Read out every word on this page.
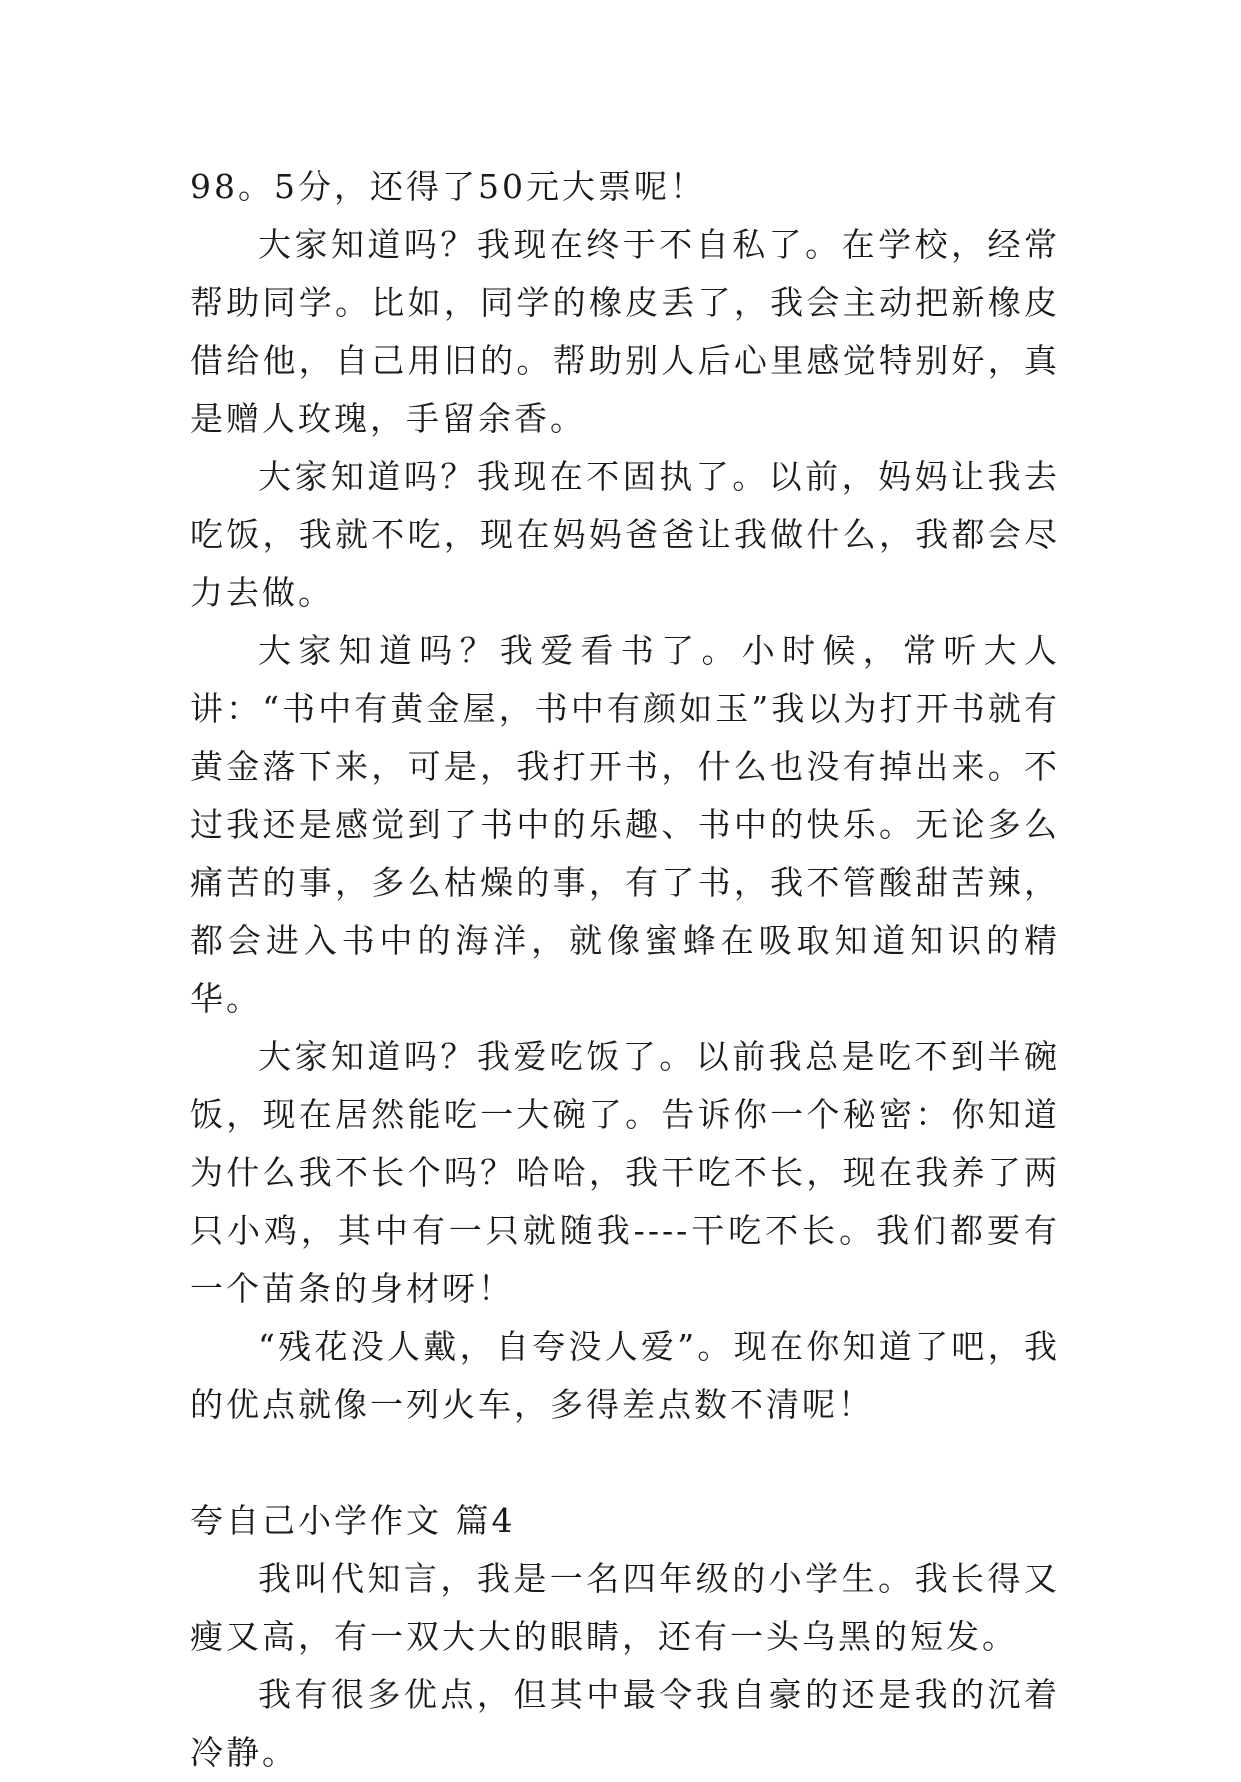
98。5分，还得了50元大票呢！

大家知道吗？我现在终于不自私了。在学校，经常帮助同学。比如，同学的橡皮丢了，我会主动把新橡皮借给他，自己用旧的。帮助别人后心里感觉特别好，真是赠人玫瑰，手留余香。

大家知道吗？我现在不固执了。以前，妈妈让我去吃饭，我就不吃，现在妈妈爸爸让我做什么，我都会尽力去做。

大家知道吗？我爱看书了。小时候，常听大人讲：“书中有黄金屋，书中有颜如玉”我以为打开书就有黄金落下来，可是，我打开书，什么也没有掉出来。不过我还是感觉到了书中的乐趣、书中的快乐。无论多么痛苦的事，多么枯燥的事，有了书，我不管酸甜苦辣，都会进入书中的海洋，就像蜜蜂在吸取知道知识的精华。

大家知道吗？我爱吃饭了。以前我总是吃不到半碗饭，现在居然能吃一大碗了。告诉你一个秘密：你知道为什么我不长个吗？哈哈，我干吃不长，现在我养了两只小鸡，其中有一只就随我----干吃不长。我们都要有一个苗条的身材呀！

“残花没人戴，自夸没人爱”。现在你知道了吧，我的优点就像一列火车，多得差点数不清呢！

夸自己小学作文 篇4

我叫代知言，我是一名四年级的小学生。我长得又瘦又高，有一双大大的眼睛，还有一头乌黑的短发。

我有很多优点，但其中最令我自豪的还是我的沉着冷静。
